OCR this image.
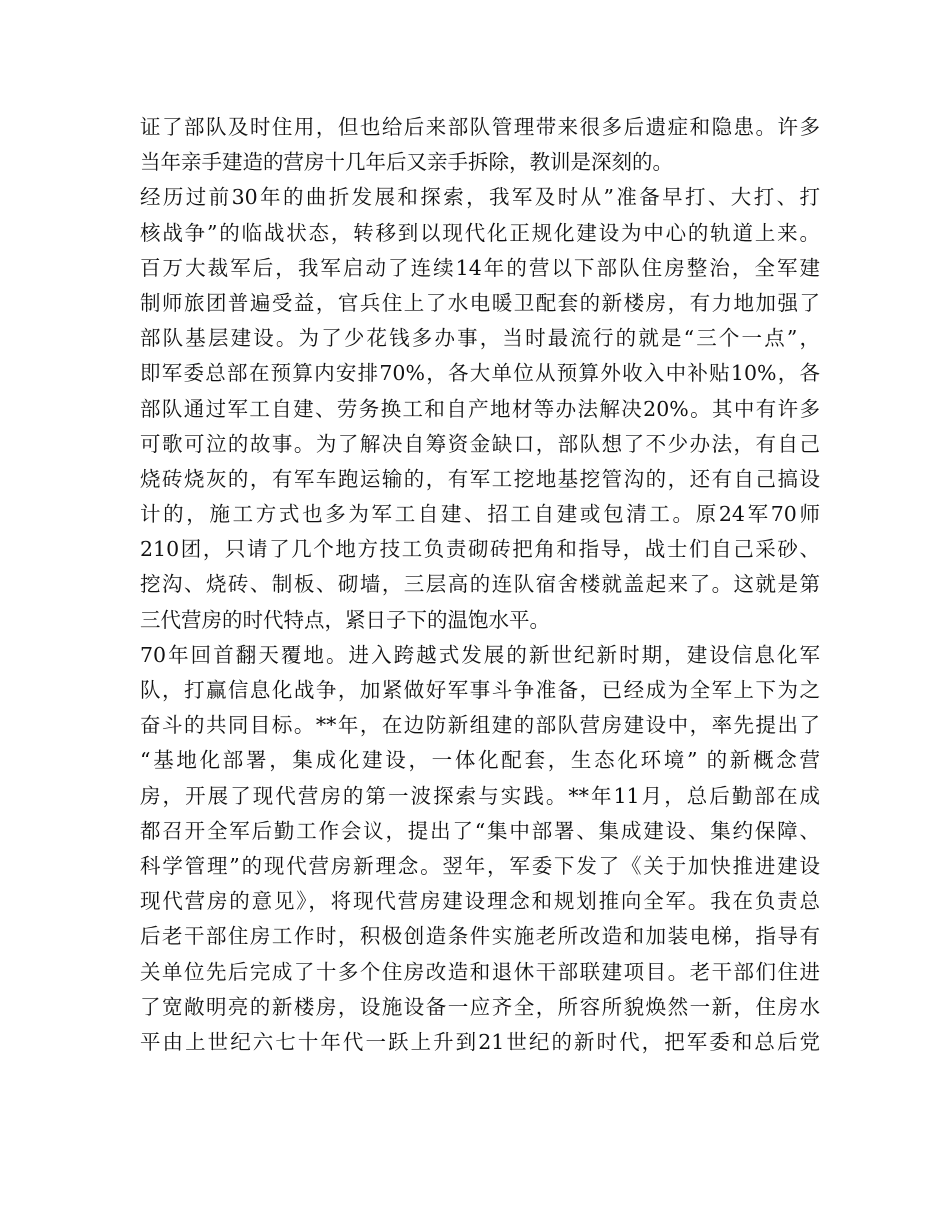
证了部队及时住用，但也给后来部队管理带来很多后遗症和隐患。许多
当年亲手建造的营房十几年后又亲手拆除，教训是深刻的。
经历过前30年的曲折发展和探索，我军及时从”准备早打、大打、打
核战争”的临战状态，转移到以现代化正规化建设为中心的轨道上来。
百万大裁军后，我军启动了连续14年的营以下部队住房整治，全军建
制师旅团普遍受益，官兵住上了水电暖卫配套的新楼房，有力地加强了
部队基层建设。为了少花钱多办事，当时最流行的就是“三个一点”，
即军委总部在预算内安排70%，各大单位从预算外收入中补贴10%，各
部队通过军工自建、劳务换工和自产地材等办法解决20%。其中有许多
可歌可泣的故事。为了解决自筹资金缺口，部队想了不少办法，有自己
烧砖烧灰的，有军车跑运输的，有军工挖地基挖管沟的，还有自己搞设
计的，施工方式也多为军工自建、招工自建或包清工。原24军70师
210团，只请了几个地方技工负责砌砖把角和指导，战士们自己采砂、
挖沟、烧砖、制板、砌墙，三层高的连队宿舍楼就盖起来了。这就是第
三代营房的时代特点，紧日子下的温饱水平。
70年回首翻天覆地。进入跨越式发展的新世纪新时期，建设信息化军
队，打赢信息化战争，加紧做好军事斗争准备，已经成为全军上下为之
奋斗的共同目标。**年，在边防新组建的部队营房建设中，率先提出了
“基地化部署，集成化建设，一体化配套，生态化环境” 的新概念营
房，开展了现代营房的第一波探索与实践。**年11月，总后勤部在成
都召开全军后勤工作会议，提出了“集中部署、集成建设、集约保障、
科学管理”的现代营房新理念。翌年，军委下发了《关于加快推进建设
现代营房的意见》，将现代营房建设理念和规划推向全军。我在负责总
后老干部住房工作时，积极创造条件实施老所改造和加装电梯，指导有
关单位先后完成了十多个住房改造和退休干部联建项目。老干部们住进
了宽敞明亮的新楼房，设施设备一应齐全，所容所貌焕然一新，住房水
平由上世纪六七十年代一跃上升到21世纪的新时代，把军委和总后党
